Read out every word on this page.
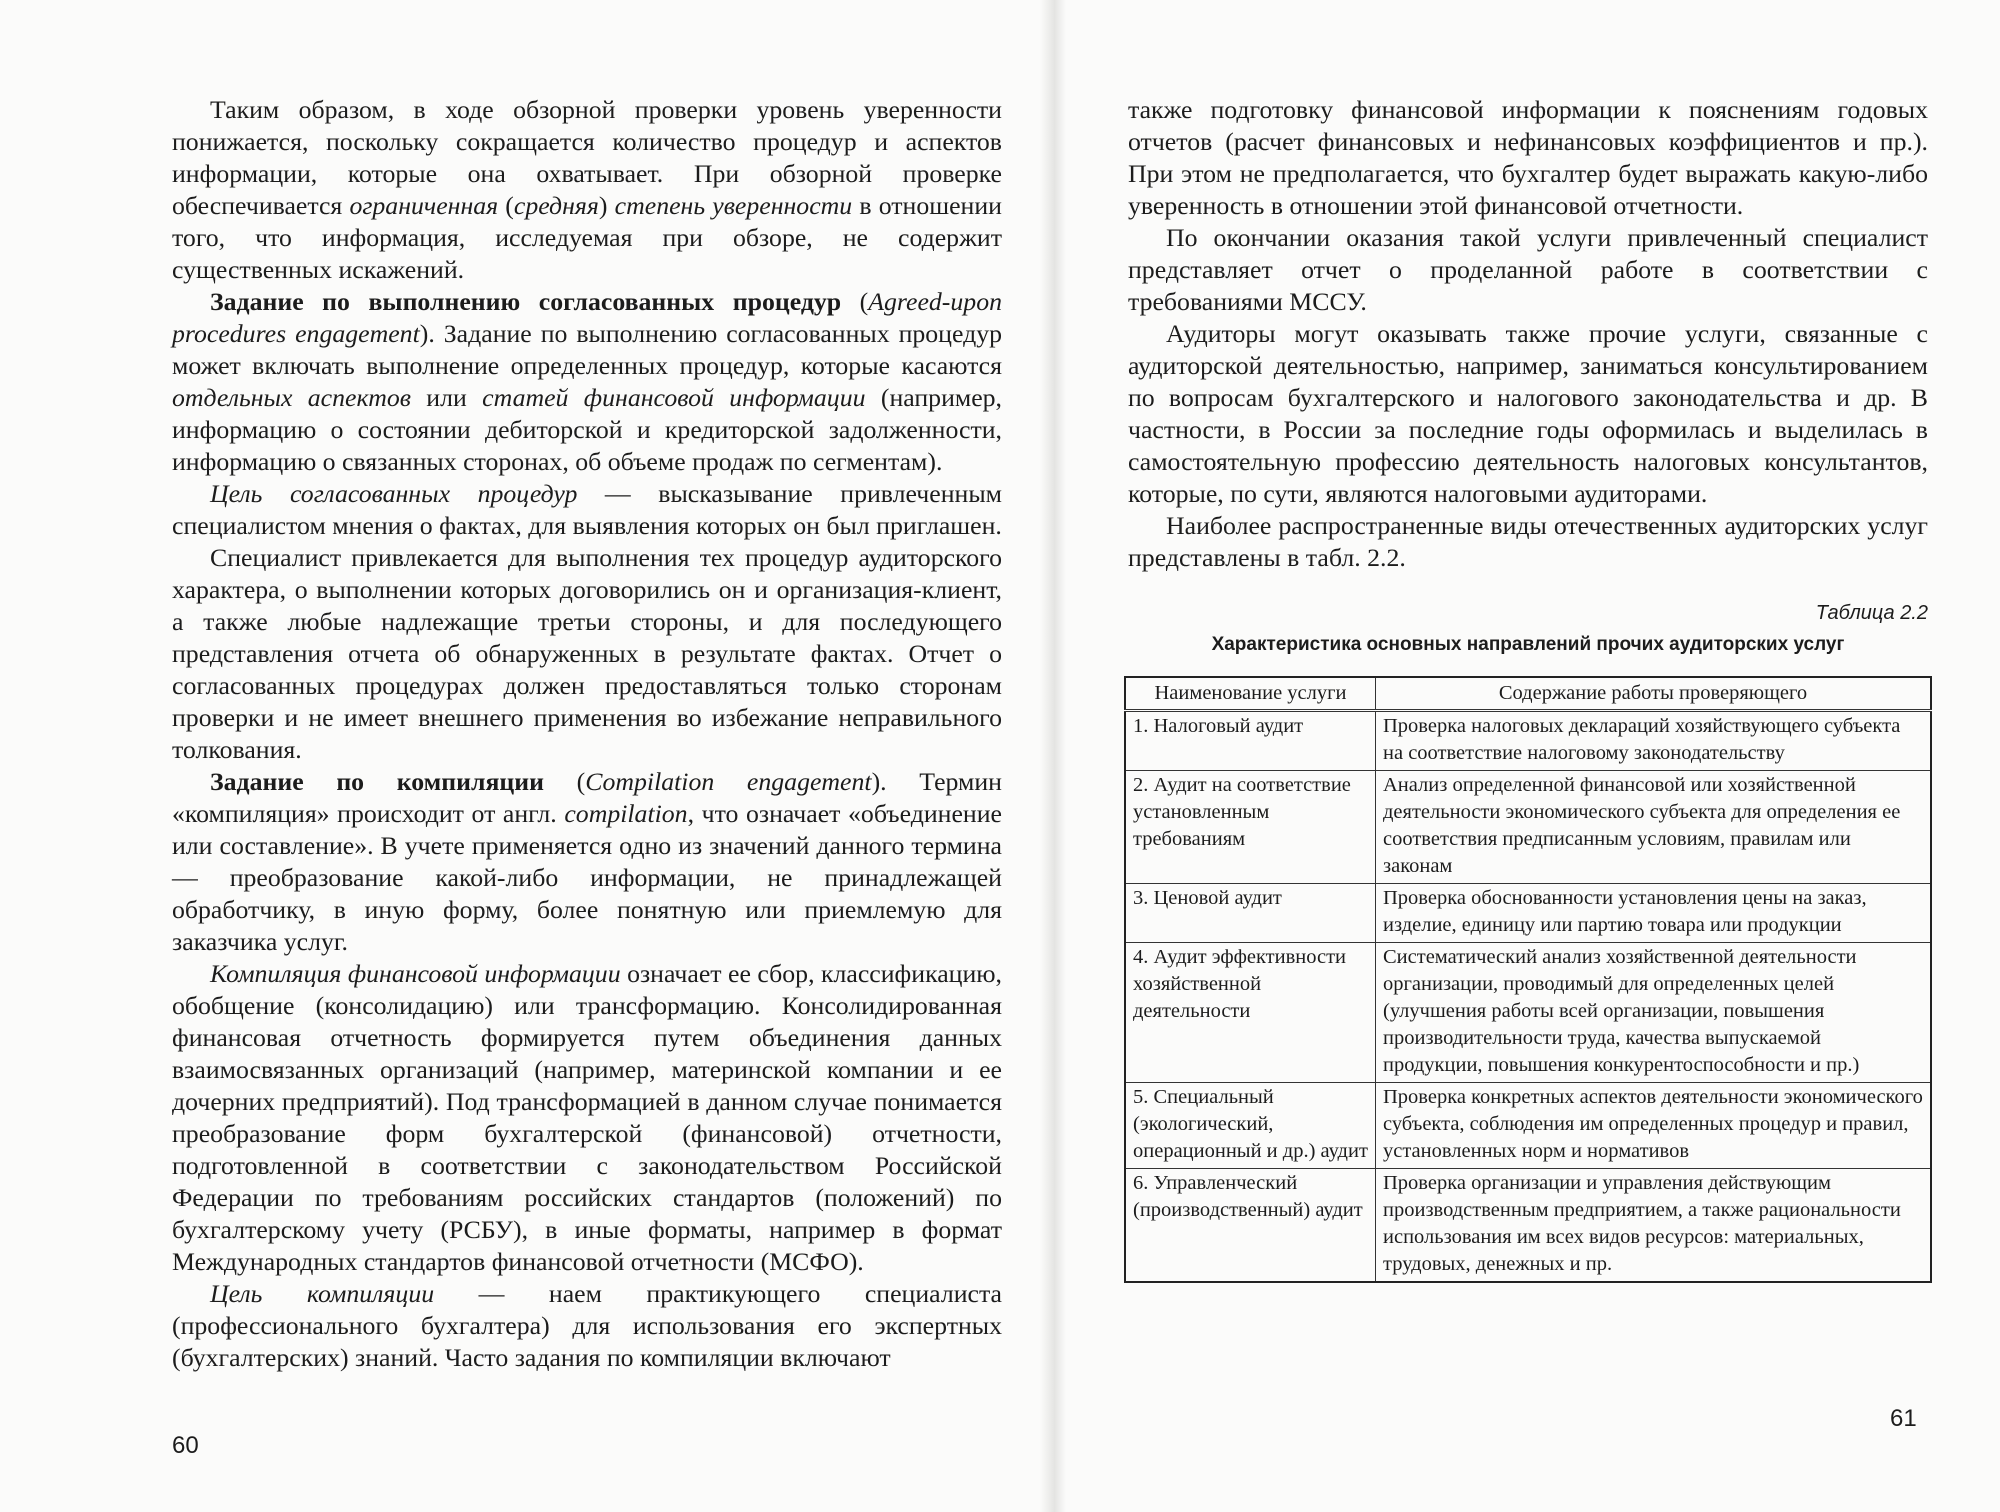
Таким образом, в ходе обзорной проверки уровень уверенности понижается, поскольку сокращается количество процедур и аспектов информации, которые она охватывает. При обзорной проверке обеспечивается ограниченная (средняя) степень уверенности в отношении того, что информация, исследуемая при обзоре, не содержит существенных искажений.

Задание по выполнению согласованных процедур (Agreed-upon procedures engagement). Задание по выполнению согласованных процедур может включать выполнение определенных процедур, которые касаются отдельных аспектов или статей финансовой информации (например, информацию о состоянии дебиторской и кредиторской задолженности, информацию о связанных сторонах, об объеме продаж по сегментам).

Цель согласованных процедур — высказывание привлеченным специалистом мнения о фактах, для выявления которых он был приглашен.

Специалист привлекается для выполнения тех процедур аудиторского характера, о выполнении которых договорились он и организация-клиент, а также любые надлежащие третьи стороны, и для последующего представления отчета об обнаруженных в результате фактах. Отчет о согласованных процедурах должен предоставляться только сторонам проверки и не имеет внешнего применения во избежание неправильного толкования.

Задание по компиляции (Compilation engagement). Термин «компиляция» происходит от англ. compilation, что означает «объединение или составление». В учете применяется одно из значений данного термина — преобразование какой-либо информации, не принадлежащей обработчику, в иную форму, более понятную или приемлемую для заказчика услуг.

Компиляция финансовой информации означает ее сбор, классификацию, обобщение (консолидацию) или трансформацию. Консолидированная финансовая отчетность формируется путем объединения данных взаимосвязанных организаций (например, материнской компании и ее дочерних предприятий). Под трансформацией в данном случае понимается преобразование форм бухгалтерской (финансовой) отчетности, подготовленной в соответствии с законодательством Российской Федерации по требованиям российских стандартов (положений) по бухгалтерскому учету (РСБУ), в иные форматы, например в формат Международных стандартов финансовой отчетности (МСФО).

Цель компиляции — наем практикующего специалиста (профессионального бухгалтера) для использования его экспертных (бухгалтерских) знаний. Часто задания по компиляции включают

60

также подготовку финансовой информации к пояснениям годовых отчетов (расчет финансовых и нефинансовых коэффициентов и пр.). При этом не предполагается, что бухгалтер будет выражать какую-либо уверенность в отношении этой финансовой отчетности.

По окончании оказания такой услуги привлеченный специалист представляет отчет о проделанной работе в соответствии с требованиями МССУ.

Аудиторы могут оказывать также прочие услуги, связанные с аудиторской деятельностью, например, заниматься консультированием по вопросам бухгалтерского и налогового законодательства и др. В частности, в России за последние годы оформилась и выделилась в самостоятельную профессию деятельность налоговых консультантов, которые, по сути, являются налоговыми аудиторами.

Наиболее распространенные виды отечественных аудиторских услуг представлены в табл. 2.2.

Таблица 2.2
Характеристика основных направлений прочих аудиторских услуг
Наименование услуги	Содержание работы проверяющего
1. Налоговый аудит	Проверка налоговых деклараций хозяйствующего субъекта на соответствие налоговому законодательству
2. Аудит на соответствие установленным требованиям	Анализ определенной финансовой или хозяйственной деятельности экономического субъекта для определения ее соответствия предписанным условиям, правилам или законам
3. Ценовой аудит	Проверка обоснованности установления цены на заказ, изделие, единицу или партию товара или продукции
4. Аудит эффективности хозяйственной деятельности	Систематический анализ хозяйственной деятельности организации, проводимый для определенных целей (улучшения работы всей организации, повышения производительности труда, качества выпускаемой продукции, повышения конкурентоспособности и пр.)
5. Специальный (экологический, операционный и др.) аудит	Проверка конкретных аспектов деятельности экономического субъекта, соблюдения им определенных процедур и правил, установленных норм и нормативов
6. Управленческий (производственный) аудит	Проверка организации и управления действующим производственным предприятием, а также рациональности использования им всех видов ресурсов: материальных, трудовых, денежных и пр.
61
